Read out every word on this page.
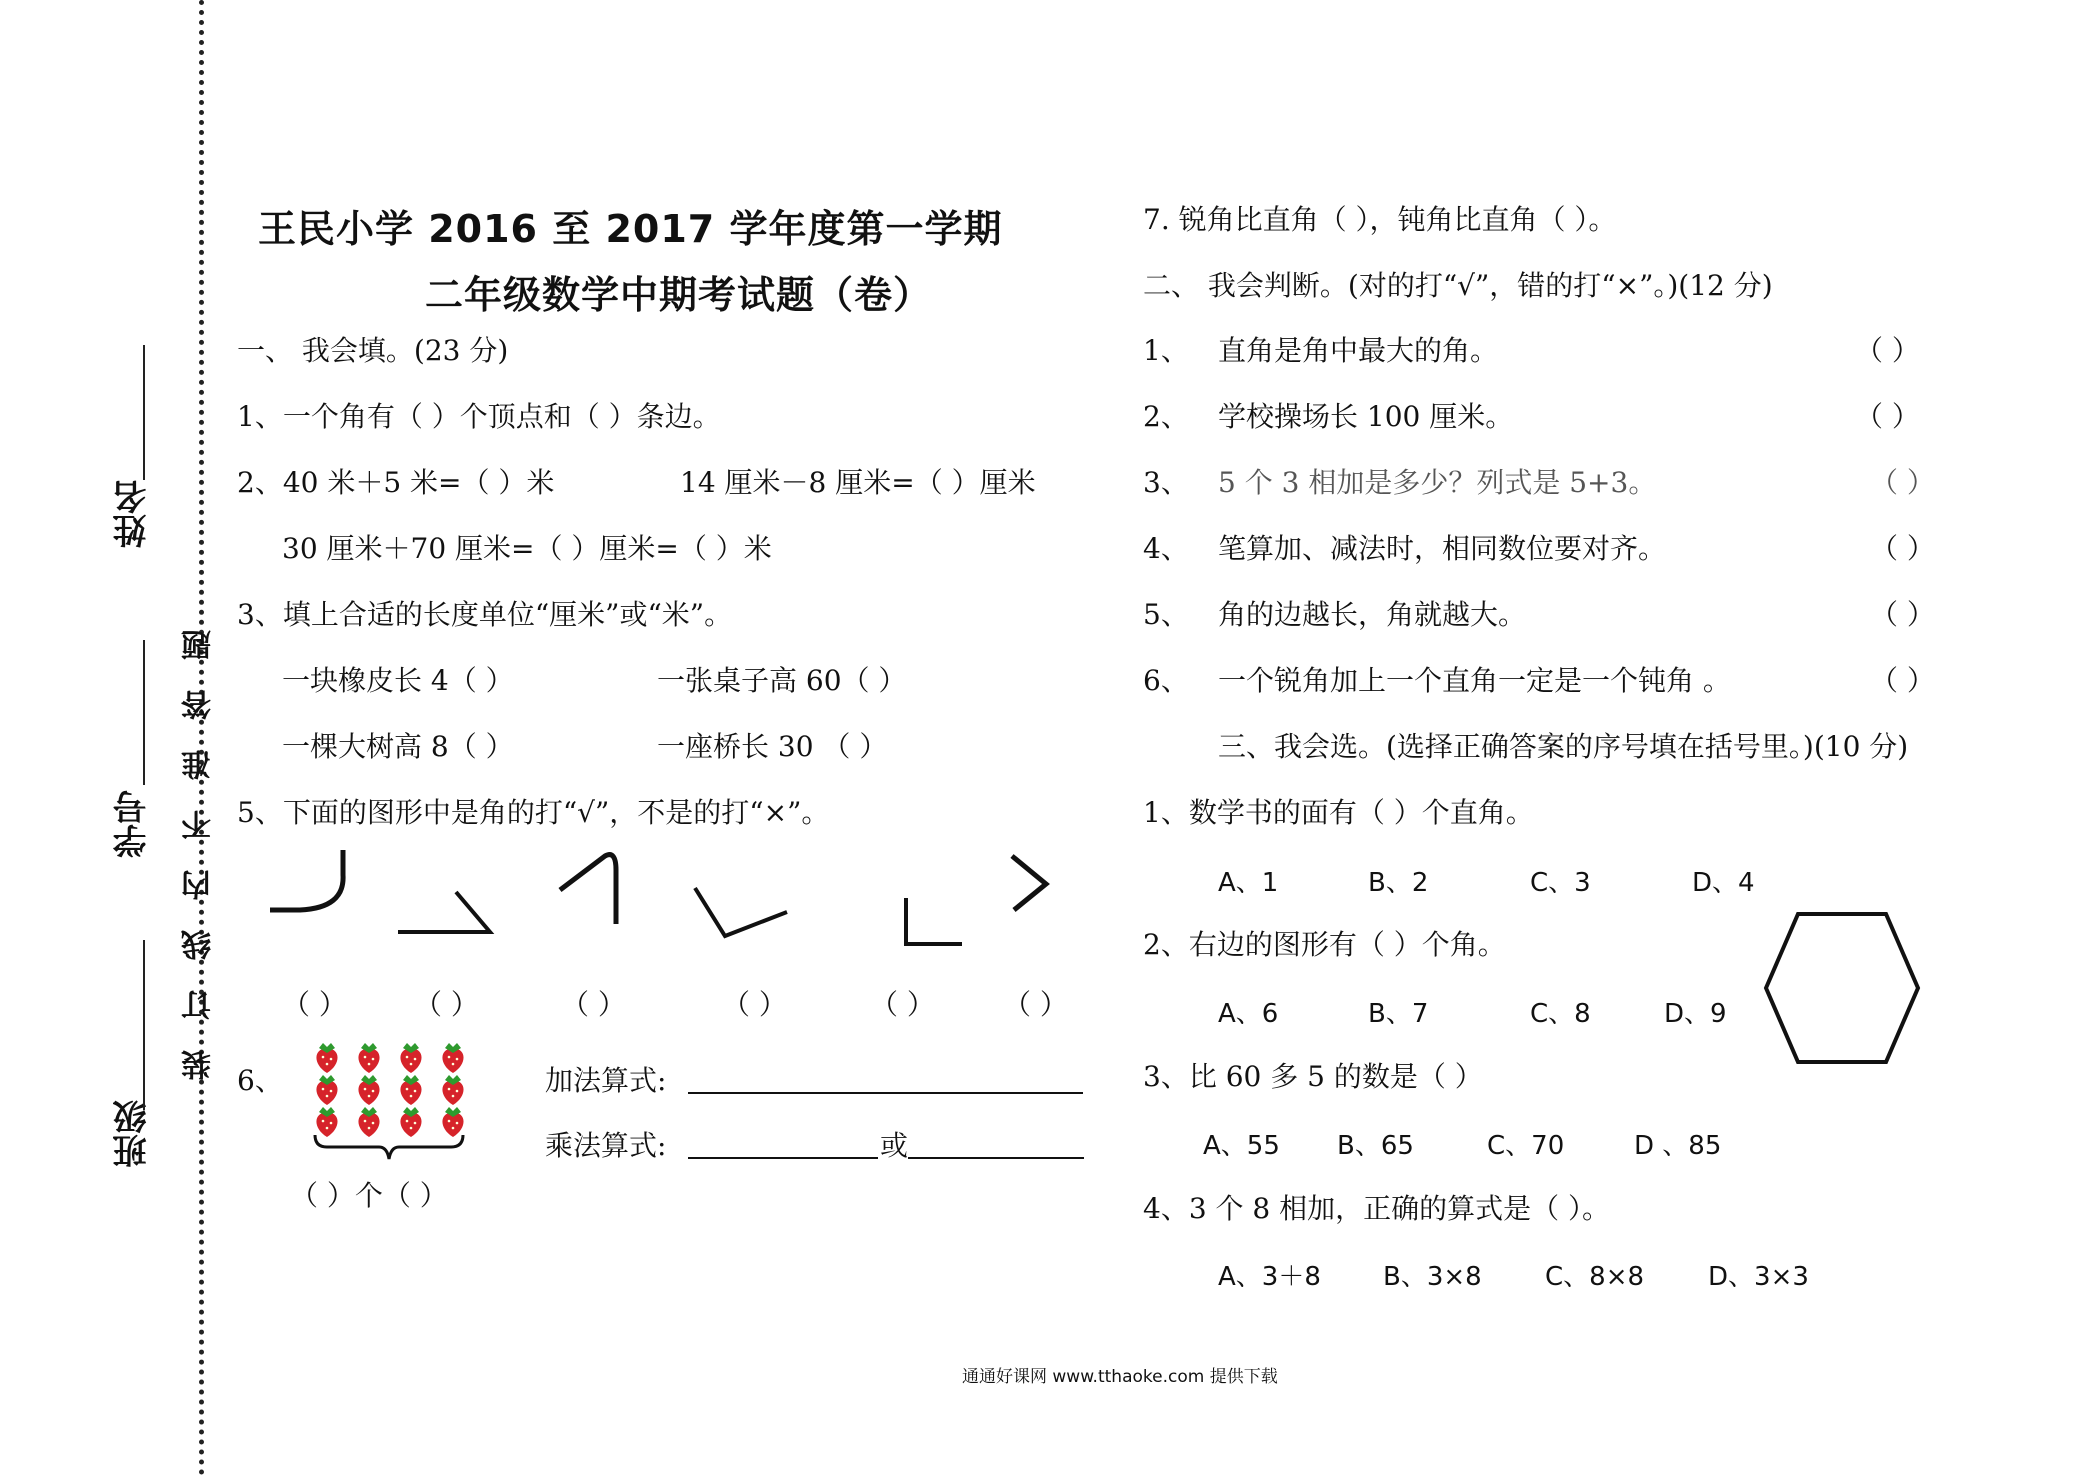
姓名
学号
班级
装订线内不准答题
王民小学 2016 至 2017 学年度第一学期
二年级数学中期考试题（卷）
一、 我会填。(23 分)
1、一个角有（ ）个顶点和（ ）条边。
2、40 米＋5 米=（ ）米	14 厘米－8 厘米=（ ）厘米
30 厘米＋70 厘米=（ ）厘米=（ ）米
3、填上合适的长度单位“厘米”或“米”。
一块橡皮长 4（ ）	一张桌子高 60（ ）
一棵大树高 8（ ）	一座桥长 30 （ ）
5、下面的图形中是角的打“√”，不是的打“×”。
（ ） （ ）	（ ）	（ ）	（ ） （ ）
6、	加法算式:
乘法算式:	或
（ ）个（ ）
7. 锐角比直角（ ），钝角比直角（ ）。
二、 我会判断。(对的打“√”，错的打“×”。)(12 分)
1、 直角是角中最大的角。	（ ）
2、 学校操场长 100 厘米。	（ ）
3、 5 个 3 相加是多少？列式是 5+3。	（ ）
4、 笔算加、减法时，相同数位要对齐。	（ ）
5、 角的边越长，角就越大。	（ ）
6、 一个锐角加上一个直角一定是一个钝角 。	（ ）
三、我会选。(选择正确答案的序号填在括号里。)(10 分)
1、数学书的面有（ ）个直角。
A、1	B、2	C、3	D、4
2、右边的图形有（ ）个角。
A、6	B、7	C、8	D、9
3、比 60 多 5 的数是（ ）
A、55 B、65	C、70	D 、85
4、3 个 8 相加，正确的算式是（ ）。
A、3＋8 B、3×8 C、8×8 D、3×3
通通好课网 www.tthaoke.com 提供下载
